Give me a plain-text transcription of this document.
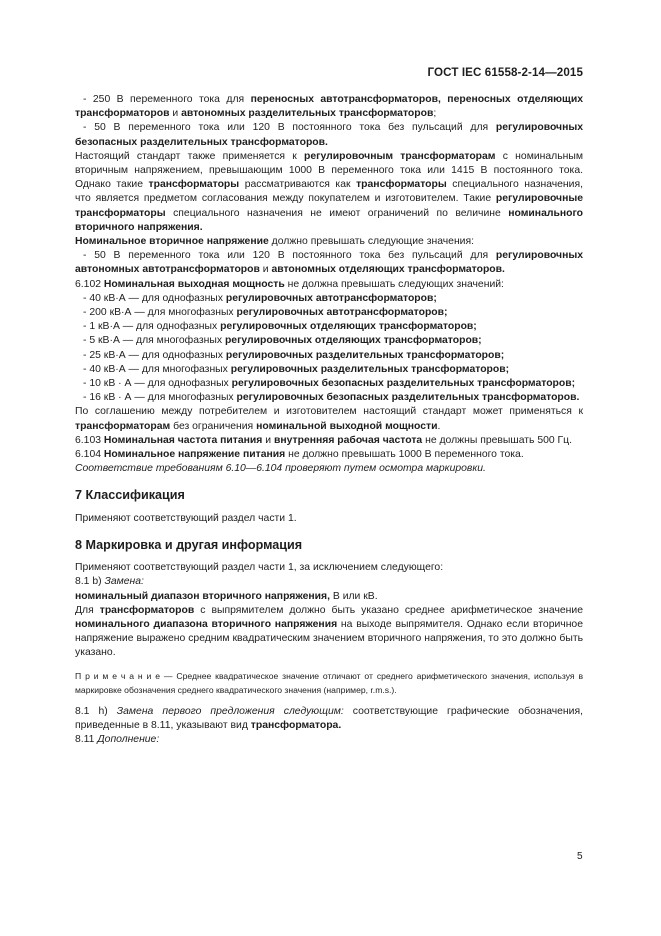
ГОСТ IEC 61558-2-14—2015

- 250 В переменного тока для переносных автотрансформаторов, переносных отделяющих трансформаторов и автономных разделительных трансформаторов;

- 50 В переменного тока или 120 В постоянного тока без пульсаций для регулировочных безопасных разделительных трансформаторов.

Настоящий стандарт также применяется к регулировочным трансформаторам с номинальным вторичным напряжением, превышающим 1000 В переменного тока или 1415 В постоянного тока. Однако такие трансформаторы рассматриваются как трансформаторы специального назначения, что является предметом согласования между покупателем и изготовителем. Такие регулировочные трансформаторы специального назначения не имеют ограничений по величине номинального вторичного напряжения.

Номинальное вторичное напряжение должно превышать следующие значения:

- 50 В переменного тока или 120 В постоянного тока без пульсаций для регулировочных автономных автотрансформаторов и автономных отделяющих трансформаторов.

6.102 Номинальная выходная мощность не должна превышать следующих значений:

- 40 кВ·А — для однофазных регулировочных автотрансформаторов;

- 200 кВ·А — для многофазных регулировочных автотрансформаторов;

- 1 кВ·А — для однофазных регулировочных отделяющих трансформаторов;

- 5 кВ·А — для многофазных регулировочных отделяющих трансформаторов;

- 25 кВ·А — для однофазных регулировочных разделительных трансформаторов;

- 40 кВ·А — для многофазных регулировочных разделительных трансформаторов;

- 10 кВ · А — для однофазных регулировочных безопасных разделительных трансформаторов;

- 16 кВ · А — для многофазных регулировочных безопасных разделительных трансформаторов.

По соглашению между потребителем и изготовителем настоящий стандарт может применяться к трансформаторам без ограничения номинальной выходной мощности.

6.103 Номинальная частота питания и внутренняя рабочая частота не должны превышать 500 Гц.

6.104 Номинальное напряжение питания не должно превышать 1000 В переменного тока.

Соответствие требованиям 6.10—6.104 проверяют путем осмотра маркировки.

7 Классификация

Применяют соответствующий раздел части 1.

8 Маркировка и другая информация

Применяют соответствующий раздел части 1, за исключением следующего:

8.1 b) Замена:

номинальный диапазон вторичного напряжения, В или кВ.

Для трансформаторов с выпрямителем должно быть указано среднее арифметическое значение номинального диапазона вторичного напряжения на выходе выпрямителя. Однако если вторичное напряжение выражено средним квадратическим значением вторичного напряжения, то это должно быть указано.

П р и м е ч а н и е — Среднее квадратическое значение отличают от среднего арифметического значения, используя в маркировке обозначения среднего квадратического значения (например, r.m.s.).

8.1 h) Замена первого предложения следующим: соответствующие графические обозначения, приведенные в 8.11, указывают вид трансформатора.

8.11 Дополнение:

5
